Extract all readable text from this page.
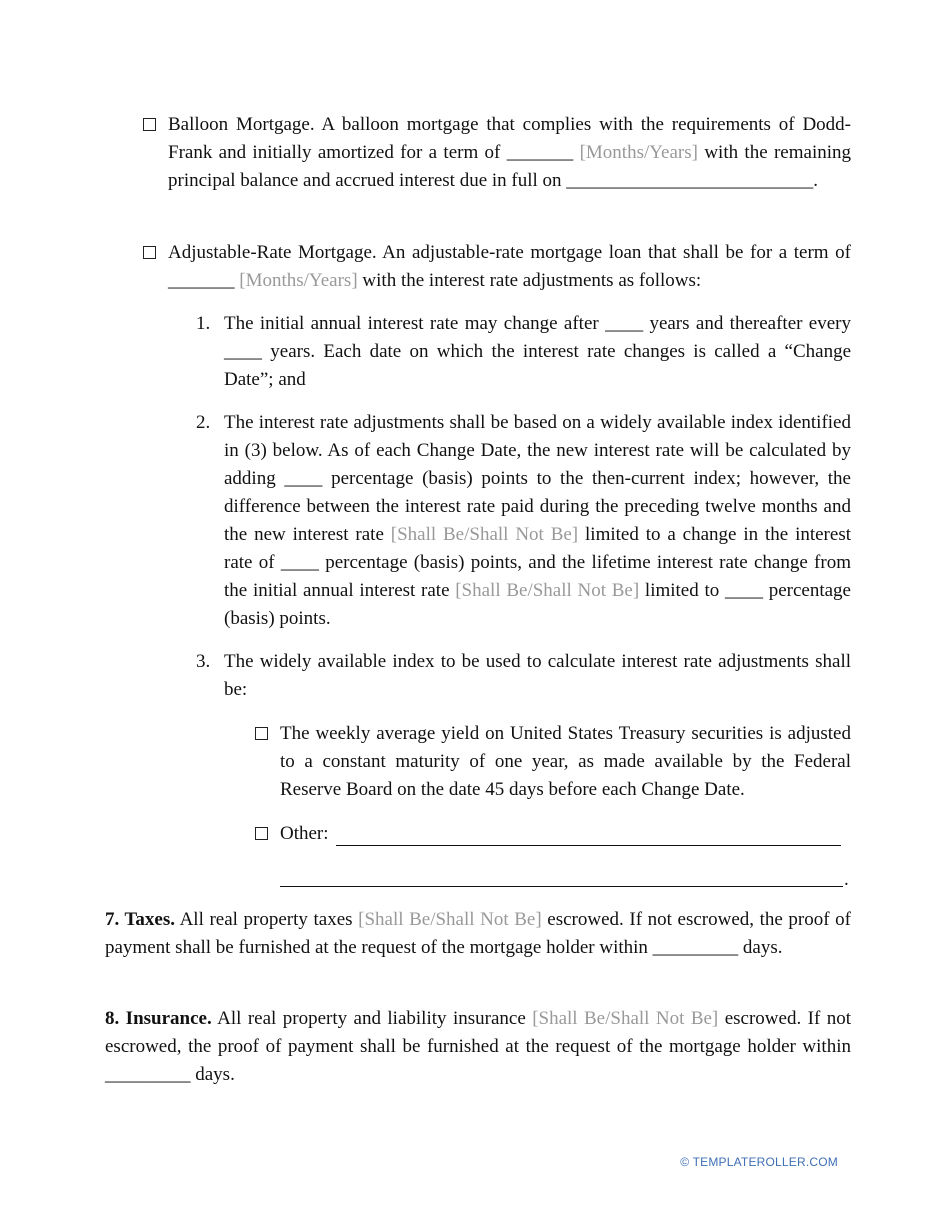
Balloon Mortgage. A balloon mortgage that complies with the requirements of Dodd-Frank and initially amortized for a term of _______ [Months/Years] with the remaining principal balance and accrued interest due in full on __________________________.
Adjustable-Rate Mortgage. An adjustable-rate mortgage loan that shall be for a term of _______ [Months/Years] with the interest rate adjustments as follows:
1. The initial annual interest rate may change after ____ years and thereafter every ____ years. Each date on which the interest rate changes is called a “Change Date”; and
2. The interest rate adjustments shall be based on a widely available index identified in (3) below. As of each Change Date, the new interest rate will be calculated by adding ____ percentage (basis) points to the then-current index; however, the difference between the interest rate paid during the preceding twelve months and the new interest rate [Shall Be/Shall Not Be] limited to a change in the interest rate of ____ percentage (basis) points, and the lifetime interest rate change from the initial annual interest rate [Shall Be/Shall Not Be] limited to ____ percentage (basis) points.
3. The widely available index to be used to calculate interest rate adjustments shall be:
The weekly average yield on United States Treasury securities is adjusted to a constant maturity of one year, as made available by the Federal Reserve Board on the date 45 days before each Change Date.
Other:
.
7. Taxes. All real property taxes [Shall Be/Shall Not Be] escrowed. If not escrowed, the proof of payment shall be furnished at the request of the mortgage holder within _________ days.
8. Insurance. All real property and liability insurance [Shall Be/Shall Not Be] escrowed. If not escrowed, the proof of payment shall be furnished at the request of the mortgage holder within _________ days.
© TEMPLATEROLLER.COM
